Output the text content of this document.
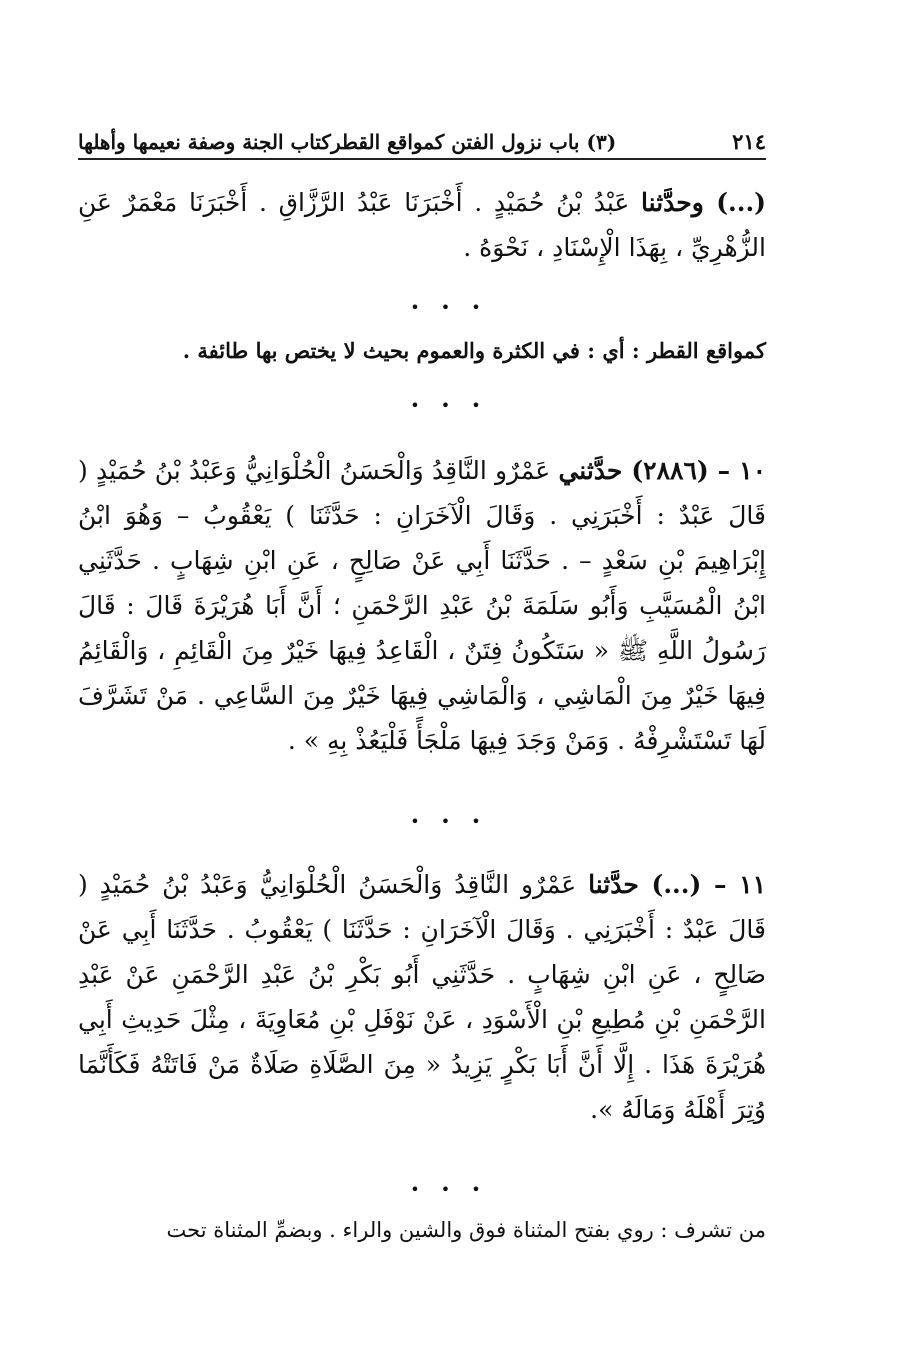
٢١٤
(٣) باب نزول الفتن كمواقع القطر
كتاب الجنة وصفة نعيمها وأهلها
(...) وحدَّثنا عَبْدُ بْنُ حُمَيْدٍ . أَخْبَرَنَا عَبْدُ الرَّزَّاقِ . أَخْبَرَنَا مَعْمَرٌ عَنِ الزُّهْرِيِّ ، بِهَذَا الْإِسْنَادِ ، نَحْوَهُ .
• • •
كمواقع القطر : أي : في الكثرة والعموم بحيث لا يختص بها طائفة .
• • •
١٠ – (٢٨٨٦) حدَّثني عَمْرٌو النَّاقِدُ وَالْحَسَنُ الْحُلْوَانِيُّ وَعَبْدُ بْنُ حُمَيْدٍ ( قَالَ عَبْدٌ : أَخْبَرَنِي . وَقَالَ الْآخَرَانِ : حَدَّثَنَا ) يَعْقُوبُ – وَهُوَ ابْنُ إِبْرَاهِيمَ بْنِ سَعْدٍ – . حَدَّثَنَا أَبِي عَنْ صَالِحٍ ، عَنِ ابْنِ شِهَابٍ . حَدَّثَنِي ابْنُ الْمُسَيَّبِ وَأَبُو سَلَمَةَ بْنُ عَبْدِ الرَّحْمَنِ ؛ أَنَّ أَبَا هُرَيْرَةَ قَالَ : قَالَ رَسُولُ اللَّهِ ﷺ « سَتَكُونُ فِتَنٌ ، الْقَاعِدُ فِيهَا خَيْرٌ مِنَ الْقَائِمِ ، وَالْقَائِمُ فِيهَا خَيْرٌ مِنَ الْمَاشِي ، وَالْمَاشِي فِيهَا خَيْرٌ مِنَ السَّاعِي . مَنْ تَشَرَّفَ لَهَا تَسْتَشْرِفْهُ . وَمَنْ وَجَدَ فِيهَا مَلْجَأً فَلْيَعُذْ بِهِ » .
• • •
١١ – (...) حدَّثنا عَمْرٌو النَّاقِدُ وَالْحَسَنُ الْحُلْوَانِيُّ وَعَبْدُ بْنُ حُمَيْدٍ ( قَالَ عَبْدٌ : أَخْبَرَنِي . وَقَالَ الْآخَرَانِ : حَدَّثَنَا ) يَعْقُوبُ . حَدَّثَنَا أَبِي عَنْ صَالِحٍ ، عَنِ ابْنِ شِهَابٍ . حَدَّثَنِي أَبُو بَكْرِ بْنُ عَبْدِ الرَّحْمَنِ عَنْ عَبْدِ الرَّحْمَنِ بْنِ مُطِيعِ بْنِ الْأَسْوَدِ ، عَنْ نَوْفَلِ بْنِ مُعَاوِيَةَ ، مِثْلَ حَدِيثِ أَبِي هُرَيْرَةَ هَذَا . إِلَّا أَنَّ أَبَا بَكْرٍ يَزِيدُ « مِنَ الصَّلَاةِ صَلَاةٌ مَنْ فَاتَتْهُ فَكَأَنَّمَا وُتِرَ أَهْلَهُ وَمَالَهُ ».
• • •
من تشرف : روي بفتح المثناة فوق والشين والراء . وبضمِّ المثناة تحت
